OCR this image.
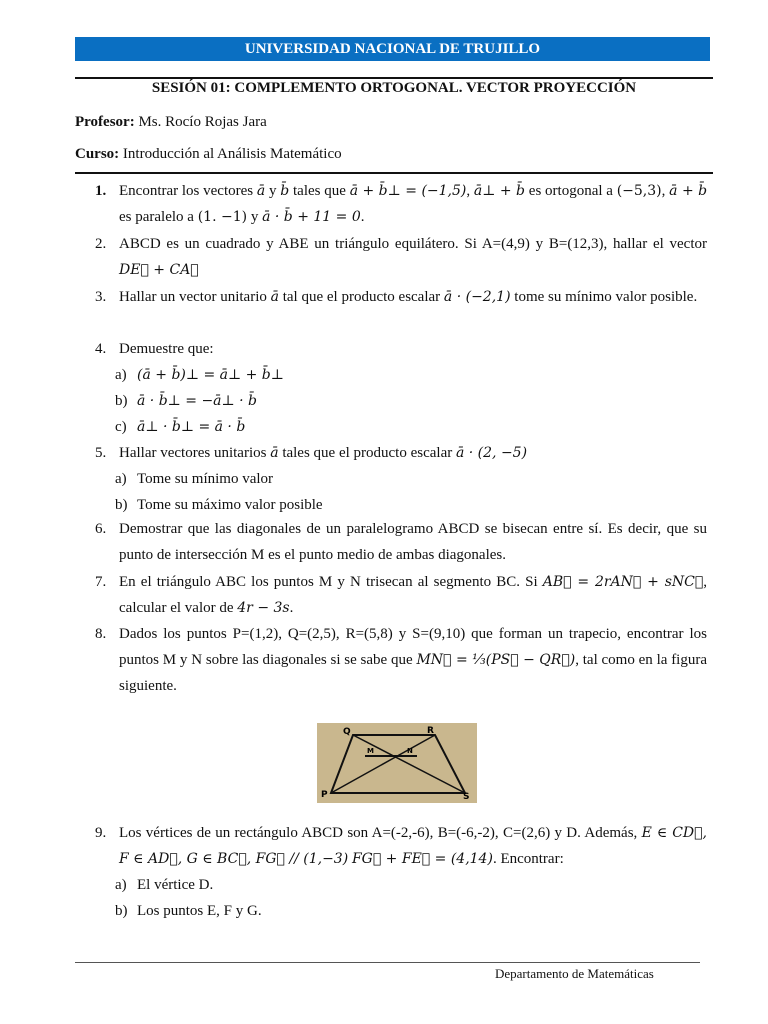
UNIVERSIDAD NACIONAL DE TRUJILLO
SESIÓN 01: COMPLEMENTO ORTOGONAL. VECTOR PROYECCIÓN
Profesor: Ms. Rocío Rojas Jara
Curso: Introducción al Análisis Matemático
1. Encontrar los vectores ā y b̄ tales que ā + b̄⊥ = (−1,5), ā⊥ + b̄ es ortogonal a (−5,3), ā + b̄ es paralelo a (1. −1) y ā · b̄ + 11 = 0.
2. ABCD es un cuadrado y ABE un triángulo equilátero. Si A=(4,9) y B=(12,3), hallar el vector DE⃗ + CA⃗
3. Hallar un vector unitario ā tal que el producto escalar ā · (−2,1) tome su mínimo valor posible.
4. Demuestre que:
a) (ā + b̄)⊥ = ā⊥ + b̄⊥
b) ā · b̄⊥ = −ā⊥ · b̄
c) ā⊥ · b̄⊥ = ā · b̄
5. Hallar vectores unitarios ā tales que el producto escalar ā · (2, −5)
a) Tome su mínimo valor
b) Tome su máximo valor posible
6. Demostrar que las diagonales de un paralelogramo ABCD se bisecan entre sí. Es decir, que su punto de intersección M es el punto medio de ambas diagonales.
7. En el triángulo ABC los puntos M y N trisecan al segmento BC. Si AB⃗ = 2rAN⃗ + sNC⃗, calcular el valor de 4r − 3s.
8. Dados los puntos P=(1,2), Q=(2,5), R=(5,8) y S=(9,10) que forman un trapecio, encontrar los puntos M y N sobre las diagonales si se sabe que MN⃗ = ⅓(PS⃗ − QR⃗), tal como en la figura siguiente.
Q	R
M	N
P	S
9. Los vértices de un rectángulo ABCD son A=(-2,-6), B=(-6,-2), C=(2,6) y D. Además, E ∈ CD⃗, F ∈ AD⃗, G ∈ BC⃗, FG⃗ // (1,−3) FG⃗ + FE⃗ = (4,14). Encontrar:
a) El vértice D.
b) Los puntos E, F y G.
Departamento de Matemáticas
